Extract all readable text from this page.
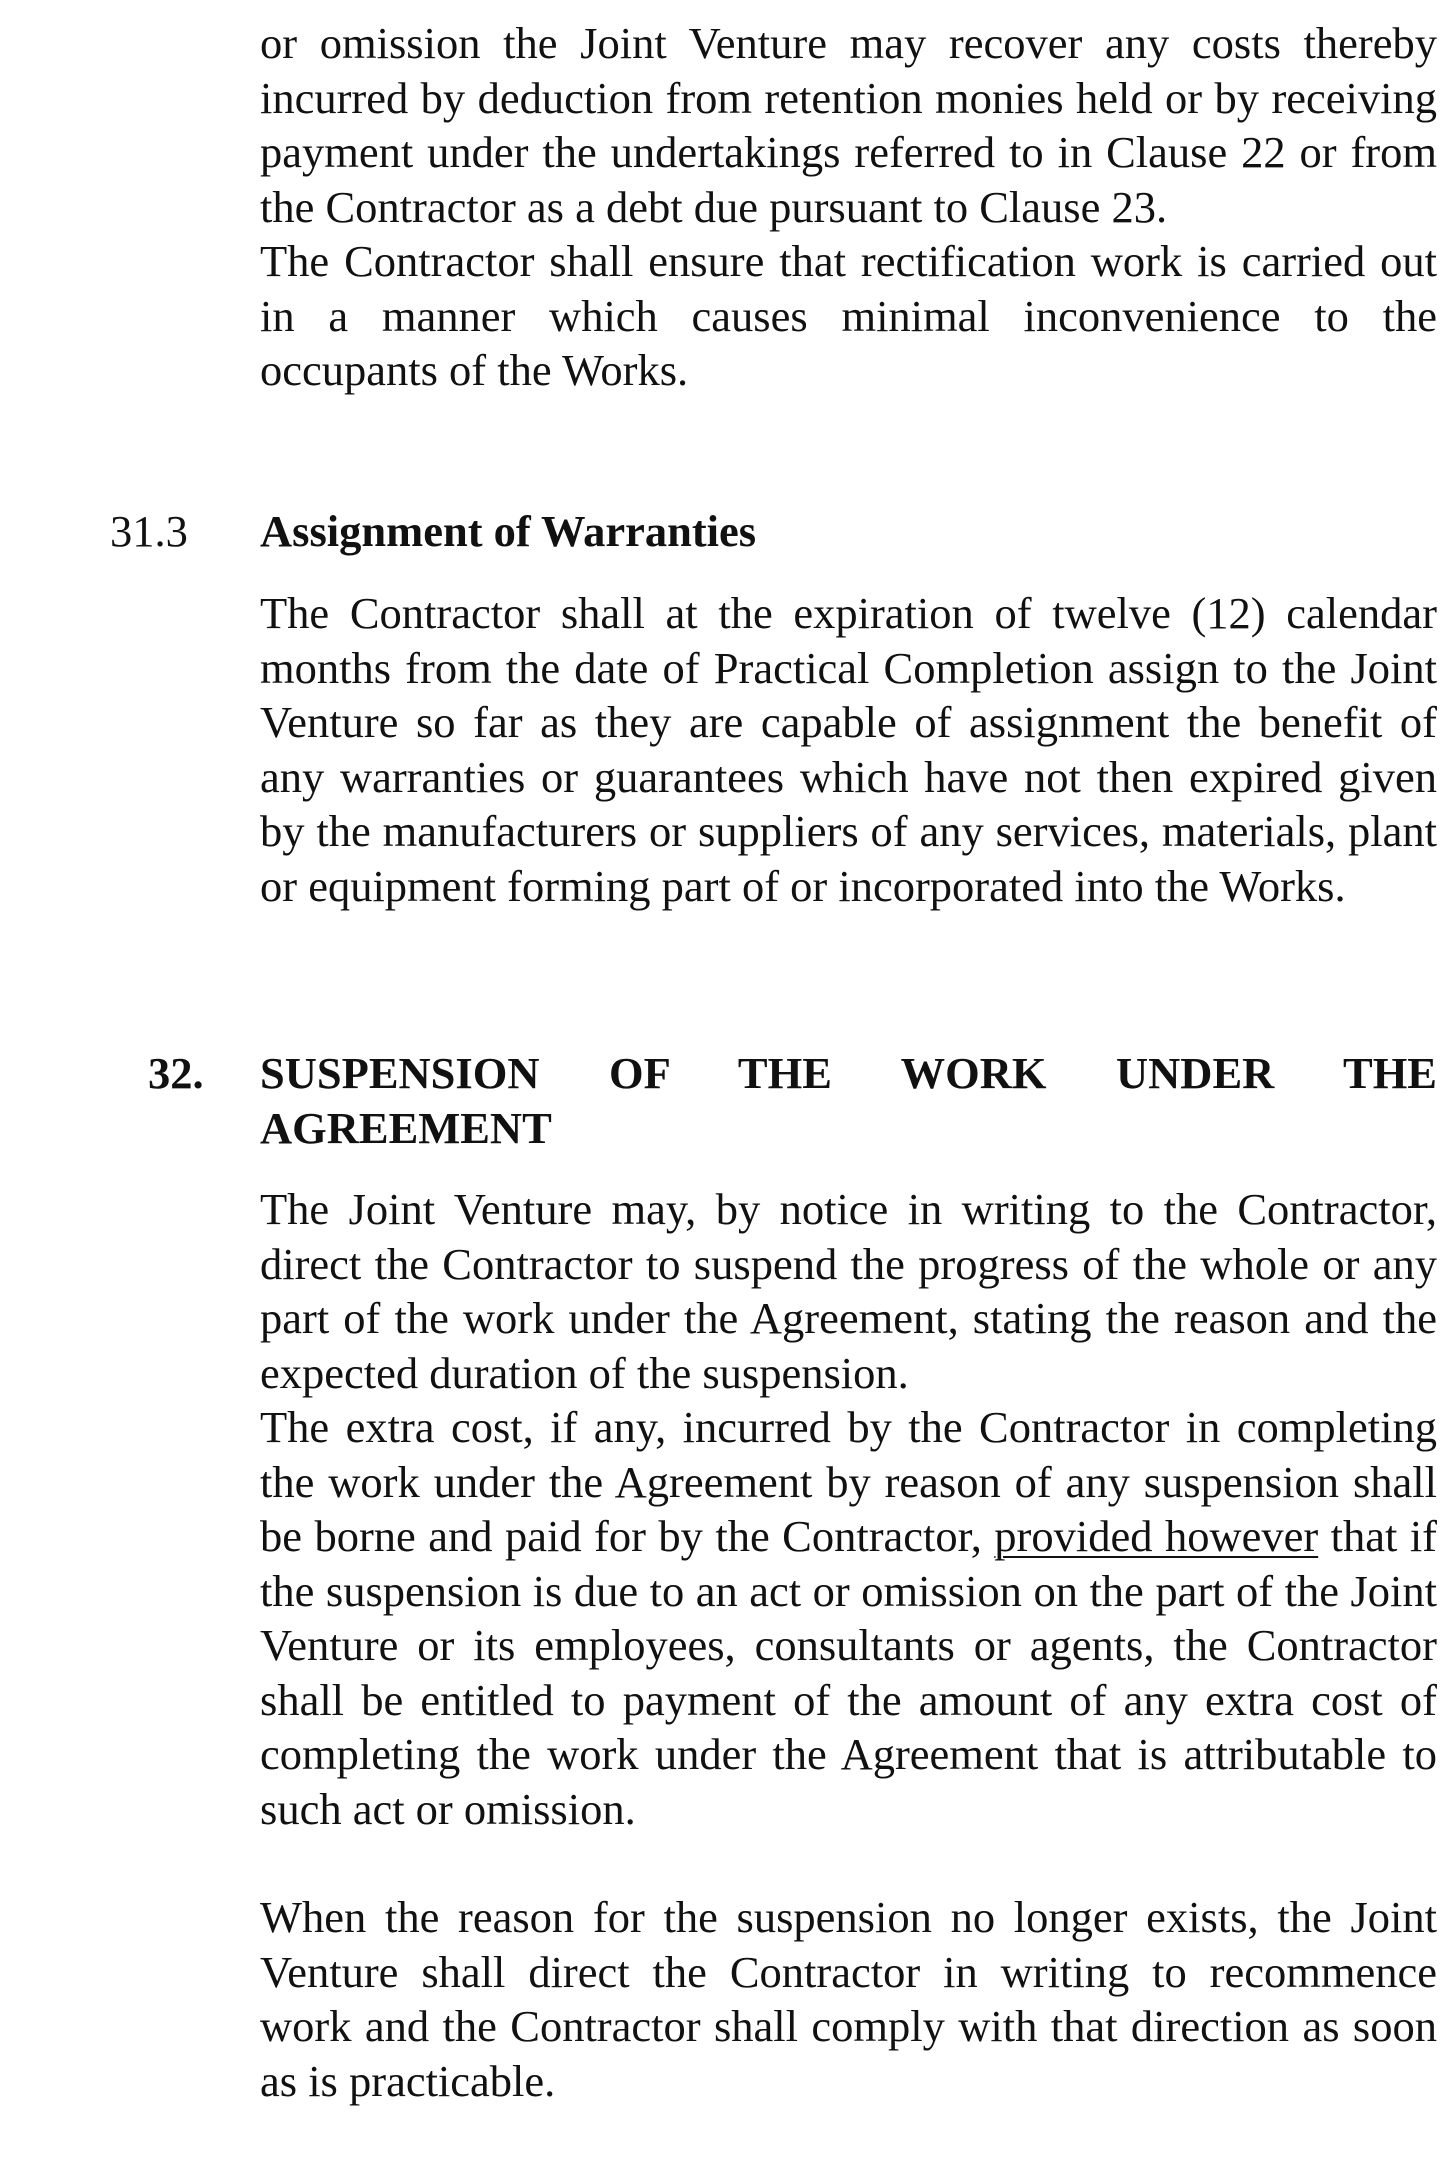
or omission the Joint Venture may recover any costs thereby incurred by deduction from retention monies held or by receiving payment under the undertakings referred to in Clause 22 or from the Contractor as a debt due pursuant to Clause 23.

The Contractor shall ensure that rectification work is carried out in a manner which causes minimal inconvenience to the occupants of the Works.

31.3 Assignment of Warranties

The Contractor shall at the expiration of twelve (12) calendar months from the date of Practical Completion assign to the Joint Venture so far as they are capable of assignment the benefit of any warranties or guarantees which have not then expired given by the manufacturers or suppliers of any services, materials, plant or equipment forming part of or incorporated into the Works.

32. SUSPENSION OF THE WORK UNDER THE

AGREEMENT

The Joint Venture may, by notice in writing to the Contractor, direct the Contractor to suspend the progress of the whole or any part of the work under the Agreement, stating the reason and the expected duration of the suspension.

The extra cost, if any, incurred by the Contractor in completing the work under the Agreement by reason of any suspension shall be borne and paid for by the Contractor, provided however that if the suspension is due to an act or omission on the part of the Joint Venture or its employees, consultants or agents, the Contractor shall be entitled to payment of the amount of any extra cost of completing the work under the Agreement that is attributable to such act or omission.

When the reason for the suspension no longer exists, the Joint Venture shall direct the Contractor in writing to recommence work and the Contractor shall comply with that direction as soon as is practicable.
